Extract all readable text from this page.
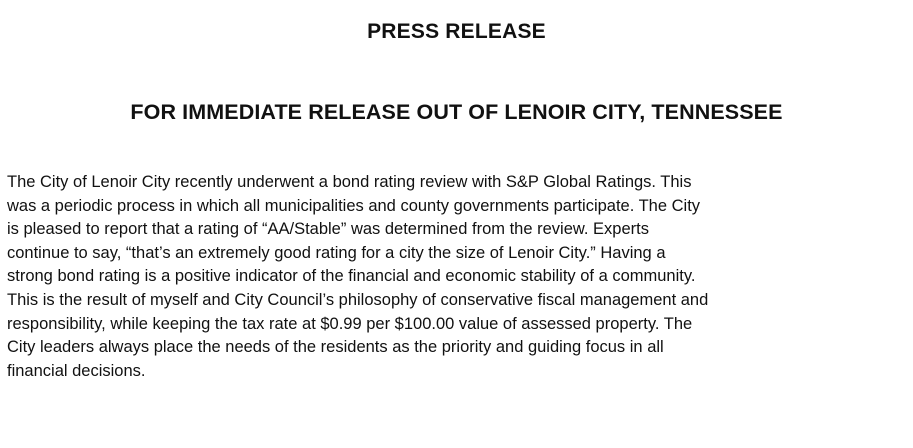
PRESS RELEASE
FOR IMMEDIATE RELEASE OUT OF LENOIR CITY, TENNESSEE
The City of Lenoir City recently underwent a bond rating review with S&P Global Ratings. This
was a periodic process in which all municipalities and county governments participate. The City
is pleased to report that a rating of “AA/Stable” was determined from the review. Experts
continue to say, “that’s an extremely good rating for a city the size of Lenoir City.” Having a
strong bond rating is a positive indicator of the financial and economic stability of a community.
This is the result of myself and City Council’s philosophy of conservative fiscal management and
responsibility, while keeping the tax rate at $0.99 per $100.00 value of assessed property. The
City leaders always place the needs of the residents as the priority and guiding focus in all
financial decisions.
